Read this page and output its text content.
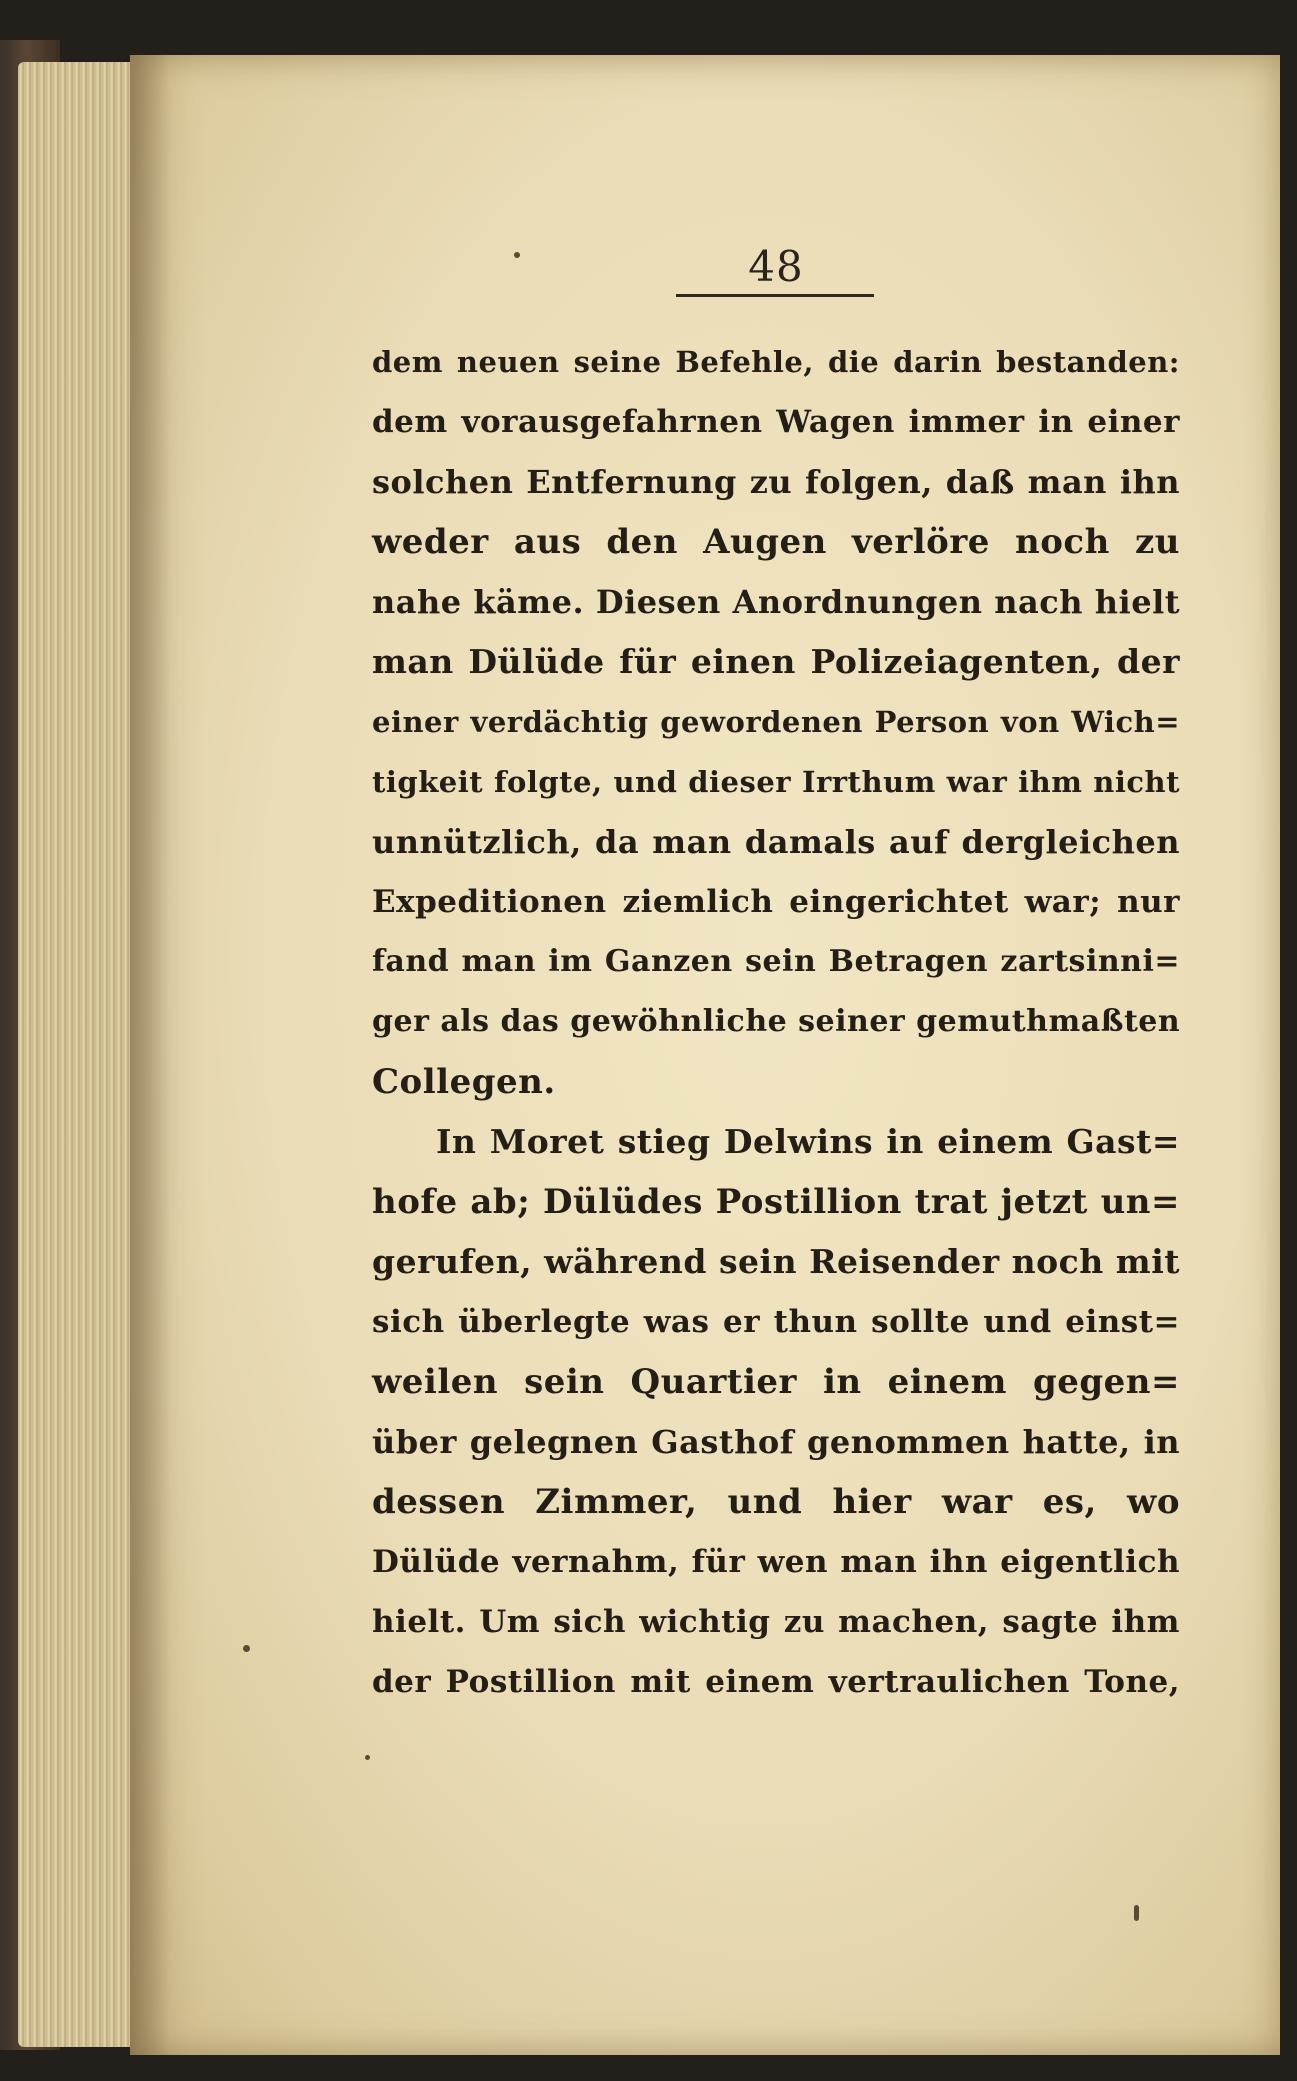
48
dem neuen seine Befehle, die darin bestanden:
dem vorausgefahrnen Wagen immer in einer
solchen Entfernung zu folgen, daß man ihn
weder aus den Augen verlöre noch zu
nahe käme. Diesen Anordnungen nach hielt
man Dülüde für einen Polizeiagenten, der
einer verdächtig gewordenen Person von Wich=
tigkeit folgte, und dieser Irrthum war ihm nicht
unnützlich, da man damals auf dergleichen
Expeditionen ziemlich eingerichtet war; nur
fand man im Ganzen sein Betragen zartsinni=
ger als das gewöhnliche seiner gemuthmaßten
Collegen.
In Moret stieg Delwins in einem Gast=
hofe ab; Dülüdes Postillion trat jetzt un=
gerufen, während sein Reisender noch mit
sich überlegte was er thun sollte und einst=
weilen sein Quartier in einem gegen=
über gelegnen Gasthof genommen hatte, in
dessen Zimmer, und hier war es, wo
Dülüde vernahm, für wen man ihn eigentlich
hielt. Um sich wichtig zu machen, sagte ihm
der Postillion mit einem vertraulichen Tone,
